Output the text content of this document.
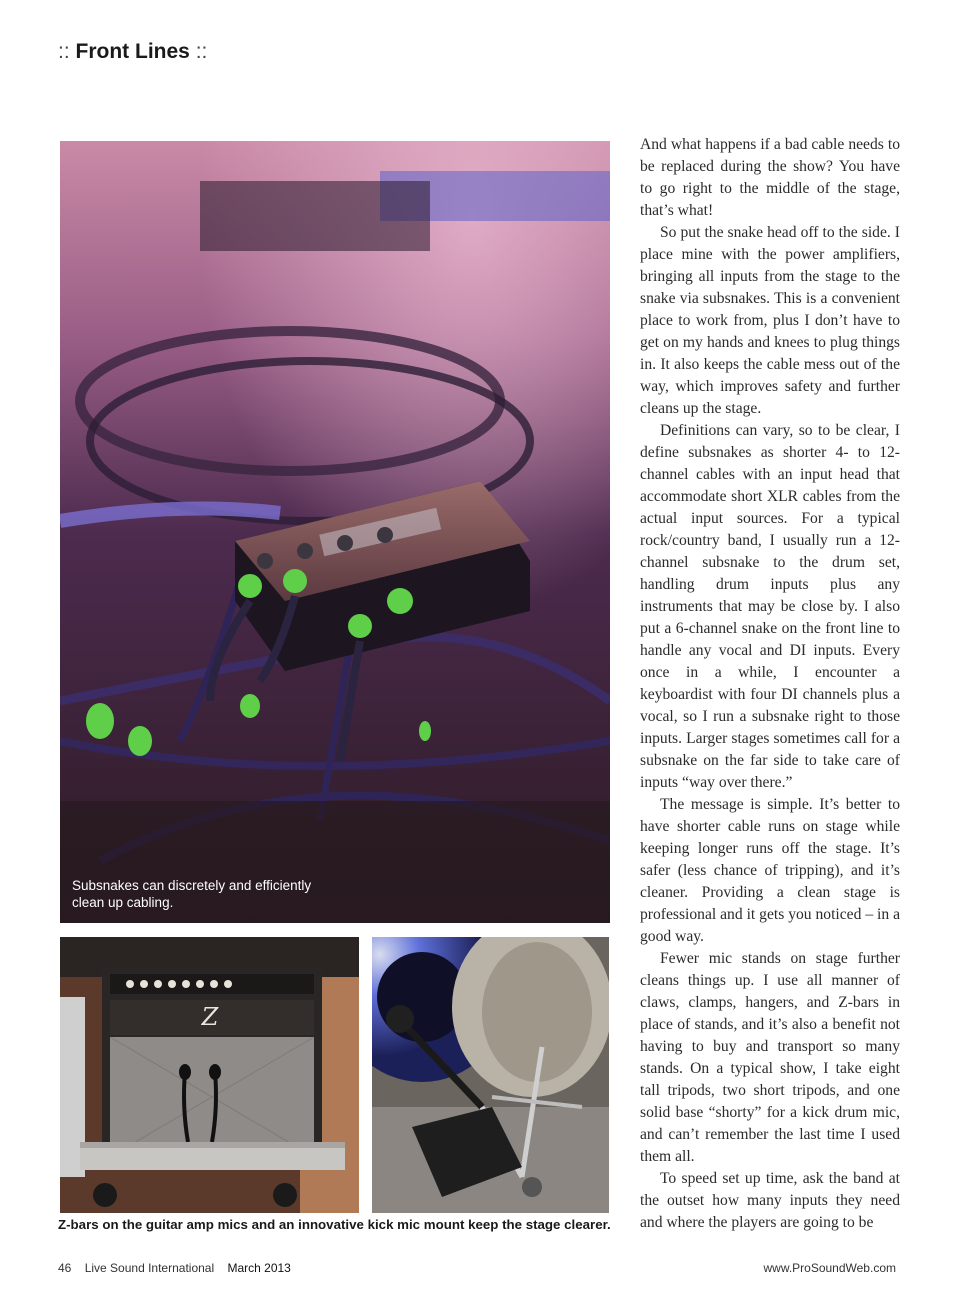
:: Front Lines ::
Subsnakes can discretely and efficiently clean up cabling.
Z
Z-bars on the guitar amp mics and an innovative kick mic mount keep the stage clearer.

And what happens if a bad cable needs to be replaced during the show? You have to go right to the middle of the stage, that’s what!

So put the snake head off to the side. I place mine with the power amplifiers, bringing all inputs from the stage to the snake via subsnakes. This is a convenient place to work from, plus I don’t have to get on my hands and knees to plug things in. It also keeps the cable mess out of the way, which improves safety and further cleans up the stage.

Definitions can vary, so to be clear, I define subsnakes as shorter 4- to 12-channel cables with an input head that accommodate short XLR cables from the actual input sources. For a typical rock/country band, I usually run a 12-channel subsnake to the drum set, handling drum inputs plus any instruments that may be close by. I also put a 6-channel snake on the front line to handle any vocal and DI inputs. Every once in a while, I encounter a keyboardist with four DI channels plus a vocal, so I run a subsnake right to those inputs. Larger stages sometimes call for a subsnake on the far side to take care of inputs “way over there.”

The message is simple. It’s better to have shorter cable runs on stage while keeping longer runs off the stage. It’s safer (less chance of tripping), and it’s cleaner. Providing a clean stage is professional and it gets you noticed – in a good way.

Fewer mic stands on stage further cleans things up. I use all manner of claws, clamps, hangers, and Z-bars in place of stands, and it’s also a benefit not having to buy and transport so many stands. On a typical show, I take eight tall tripods, two short tripods, and one solid base “shorty” for a kick drum mic, and can’t remember the last time I used them all.

To speed set up time, ask the band at the outset how many inputs they need and where the players are going to be

46 Live Sound International March 2013	www.ProSoundWeb.com
